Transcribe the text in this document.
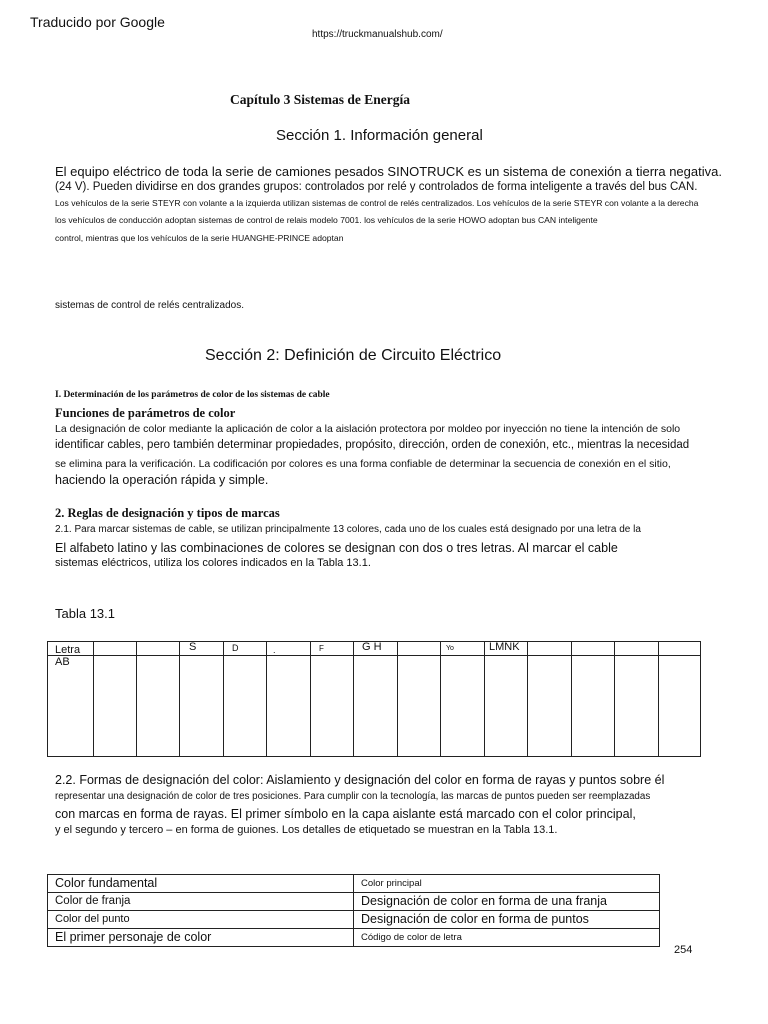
Traducido por Google
https://truckmanualshub.com/
Capítulo 3 Sistemas de Energía
Sección 1. Información general
El equipo eléctrico de toda la serie de camiones pesados SINOTRUCK es un sistema de conexión a tierra negativa.
(24 V). Pueden dividirse en dos grandes grupos: controlados por relé y controlados de forma inteligente a través del bus CAN.
Los vehículos de la serie STEYR con volante a la izquierda utilizan sistemas de control de relés centralizados. Los vehículos de la serie STEYR con volante a la derecha
los vehículos de conducción adoptan sistemas de control de relais modelo 7001. los vehículos de la serie HOWO adoptan bus CAN inteligente
control, mientras que los vehículos de la serie HUANGHE-PRINCE adoptan
sistemas de control de relés centralizados.
Sección 2: Definición de Circuito Eléctrico
I. Determinación de los parámetros de color de los sistemas de cable
Funciones de parámetros de color
La designación de color mediante la aplicación de color a la aislación protectora por moldeo por inyección no tiene la intención de solo
identificar cables, pero también determinar propiedades, propósito, dirección, orden de conexión, etc., mientras la necesidad
se elimina para la verificación. La codificación por colores es una forma confiable de determinar la secuencia de conexión en el sitio,
haciendo la operación rápida y simple.
2. Reglas de designación y tipos de marcas
2.1. Para marcar sistemas de cable, se utilizan principalmente 13 colores, cada uno de los cuales está designado por una letra de la
El alfabeto latino y las combinaciones de colores se designan con dos o tres letras. Al marcar el cable
sistemas eléctricos, utiliza los colores indicados en la Tabla 13.1.
Tabla 13.1
Letra AB			S	D	.	F	G H		Yo	LMNK				

2.2. Formas de designación del color: Aislamiento y designación del color en forma de rayas y puntos sobre él
representar una designación de color de tres posiciones. Para cumplir con la tecnología, las marcas de puntos pueden ser reemplazadas
con marcas en forma de rayas. El primer símbolo en la capa aislante está marcado con el color principal,
y el segundo y tercero – en forma de guiones. Los detalles de etiquetado se muestran en la Tabla 13.1.
Color fundamental	Color principal
Color de franja	Designación de color en forma de una franja
Color del punto	Designación de color en forma de puntos
El primer personaje de color	Código de color de letra
254
